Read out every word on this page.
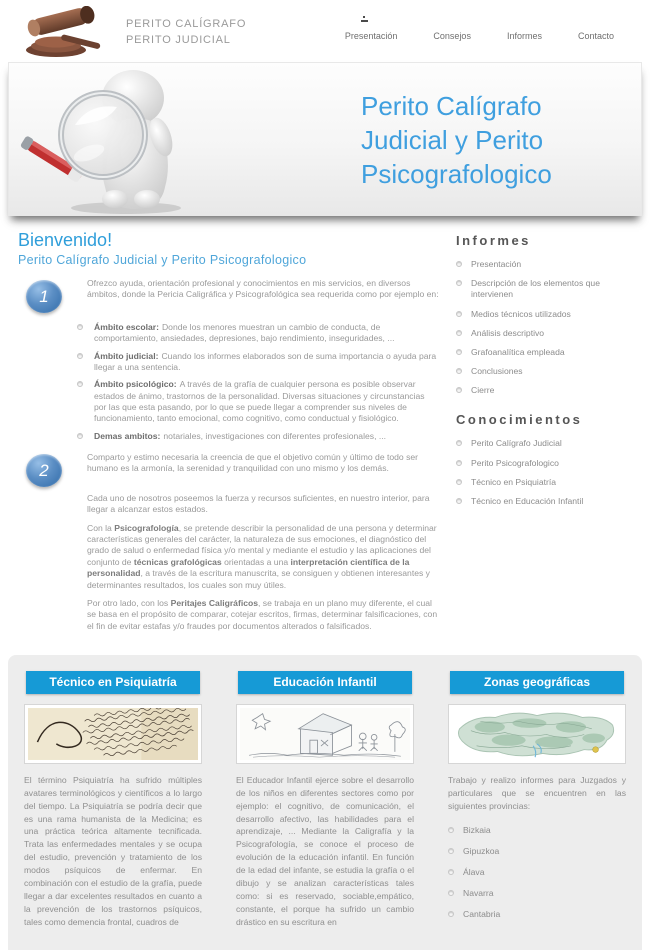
PERITO CALÍGRAFO
PERITO JUDICIAL	Presentación	Consejos	Informes	Contacto
Perito Calígrafo
Judicial y Perito
Psicografologico
Bienvenido!
Perito Calígrafo Judicial y Perito Psicografologico
1

Ofrezco ayuda, orientación profesional y conocimientos en mis servicios, en diversos ámbitos, donde la Pericia Caligráfica y Psicografológica sea requerida como por ejemplo en:

Ámbito escolar: Donde los menores muestran un cambio de conducta, de comportamiento, ansiedades, depresiones, bajo rendimiento, inseguridades, ...
Ámbito judicial: Cuando los informes elaborados son de suma importancia o ayuda para llegar a una sentencia.
Ámbito psicológico: A través de la grafía de cualquier persona es posible observar estados de ánimo, trastornos de la personalidad. Diversas situaciones y circunstancias por las que esta pasando, por lo que se puede llegar a comprender sus niveles de funcionamiento, tanto emocional, como cognitivo, como conductual y fisiológico.
Demas ambitos: notariales, investigaciones con diferentes profesionales, ...
2

Comparto y estimo necesaria la creencia de que el objetivo común y último de todo ser humano es la armonía, la serenidad y tranquilidad con uno mismo y los demás.

Cada uno de nosotros poseemos la fuerza y recursos suficientes, en nuestro interior, para llegar a alcanzar estos estados.

Con la Psicografología, se pretende describir la personalidad de una persona y determinar características generales del carácter, la naturaleza de sus emociones, el diagnóstico del grado de salud o enfermedad física y/o mental y mediante el estudio y las aplicaciones del conjunto de técnicas grafológicas orientadas a una interpretación científica de la personalidad, a través de la escritura manuscrita, se consiguen y obtienen interesantes y determinantes resultados, los cuales son muy útiles.

Por otro lado, con los Peritajes Caligráficos, se trabaja en un plano muy diferente, el cual se basa en el propósito de comparar, cotejar escritos, firmas, determinar falsificaciones, con el fin de evitar estafas y/o fraudes por documentos alterados o falsificados.

Informes
Presentación
Descripción de los elementos que intervienen
Medios técnicos utilizados
Análisis descriptivo
Grafoanalítica empleada
Conclusiones
Cierre
Conocimientos
Perito Calígrafo Judicial
Perito Psicografologico
Técnico en Psiquiatría
Técnico en Educación Infantil
Técnico en Psiquiatría
El término Psiquiatría ha sufrido múltiples avatares terminológicos y científicos a lo largo del tiempo. La Psiquiatría se podría decir que es una rama humanista de la Medicina; es una práctica teórica altamente tecnificada. Trata las enfermedades mentales y se ocupa del estudio, prevención y tratamiento de los modos psíquicos de enfermar. En combinación con el estudio de la grafía, puede llegar a dar excelentes resultados en cuanto a la prevención de los trastornos psíquicos, tales como demencia frontal, cuadros de
Educación Infantil
El Educador Infantil ejerce sobre el desarrollo de los niños en diferentes sectores como por ejemplo: el cognitivo, de comunicación, el desarrollo afectivo, las habilidades para el aprendizaje, ... Mediante la Caligrafía y la Psicografología, se conoce el proceso de evolución de la educación infantil. En función de la edad del infante, se estudia la grafía o el dibujo y se analizan características tales como: si es reservado, sociable,empático, constante, el porque ha sufrido un cambio drástico en su escritura en
Zonas geográficas
Trabajo y realizo informes para Juzgados y particulares que se encuentren en las siguientes provincias:
Bizkaia
Gipuzkoa
Álava
Navarra
Cantabria
